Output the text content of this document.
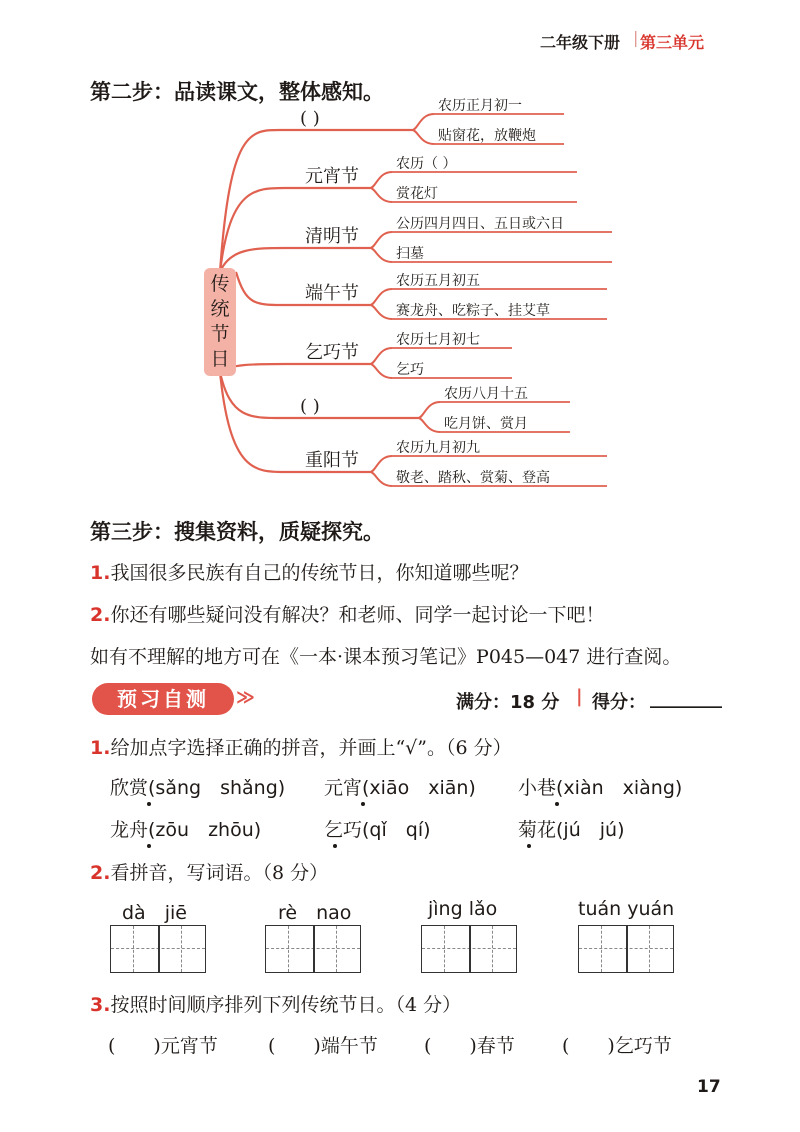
二年级下册 | 第三单元
第二步：品读课文，整体感知。
传
统
节
日
( )
农历正月初一
贴窗花，放鞭炮
元宵节
农历（ ）
赏花灯
清明节
公历四月四日、五日或六日
扫墓
端午节
农历五月初五
赛龙舟、吃粽子、挂艾草
乞巧节
农历七月初七
乞巧
( )
农历八月十五
吃月饼、赏月
重阳节
农历九月初九
敬老、踏秋、赏菊、登高
第三步：搜集资料，质疑探究。
1.我国很多民族有自己的传统节日，你知道哪些呢？
2.你还有哪些疑问没有解决？和老师、同学一起讨论一下吧！
如有不理解的地方可在《一本·课本预习笔记》P045—047 进行查阅。
预习自测	≫	满分：18 分 | 得分： ________
1.给加点字选择正确的拼音，并画上“√”。（6 分）
欣赏(sǎng　shǎng) 元宵(xiāo　xiān) 小巷(xiàn　xiàng)
龙舟(zōu　zhōu)	乞巧(qǐ　qí)	菊花(jú　jú)
2.看拼音，写词语。（8 分）
dà　jiē	rè　nao	jìng lǎo	tuán yuán
3.按照时间顺序排列下列传统节日。（4 分）
(　　)元宵节	(　　)端午节 (　　)春节 (　　)乞巧节
17
